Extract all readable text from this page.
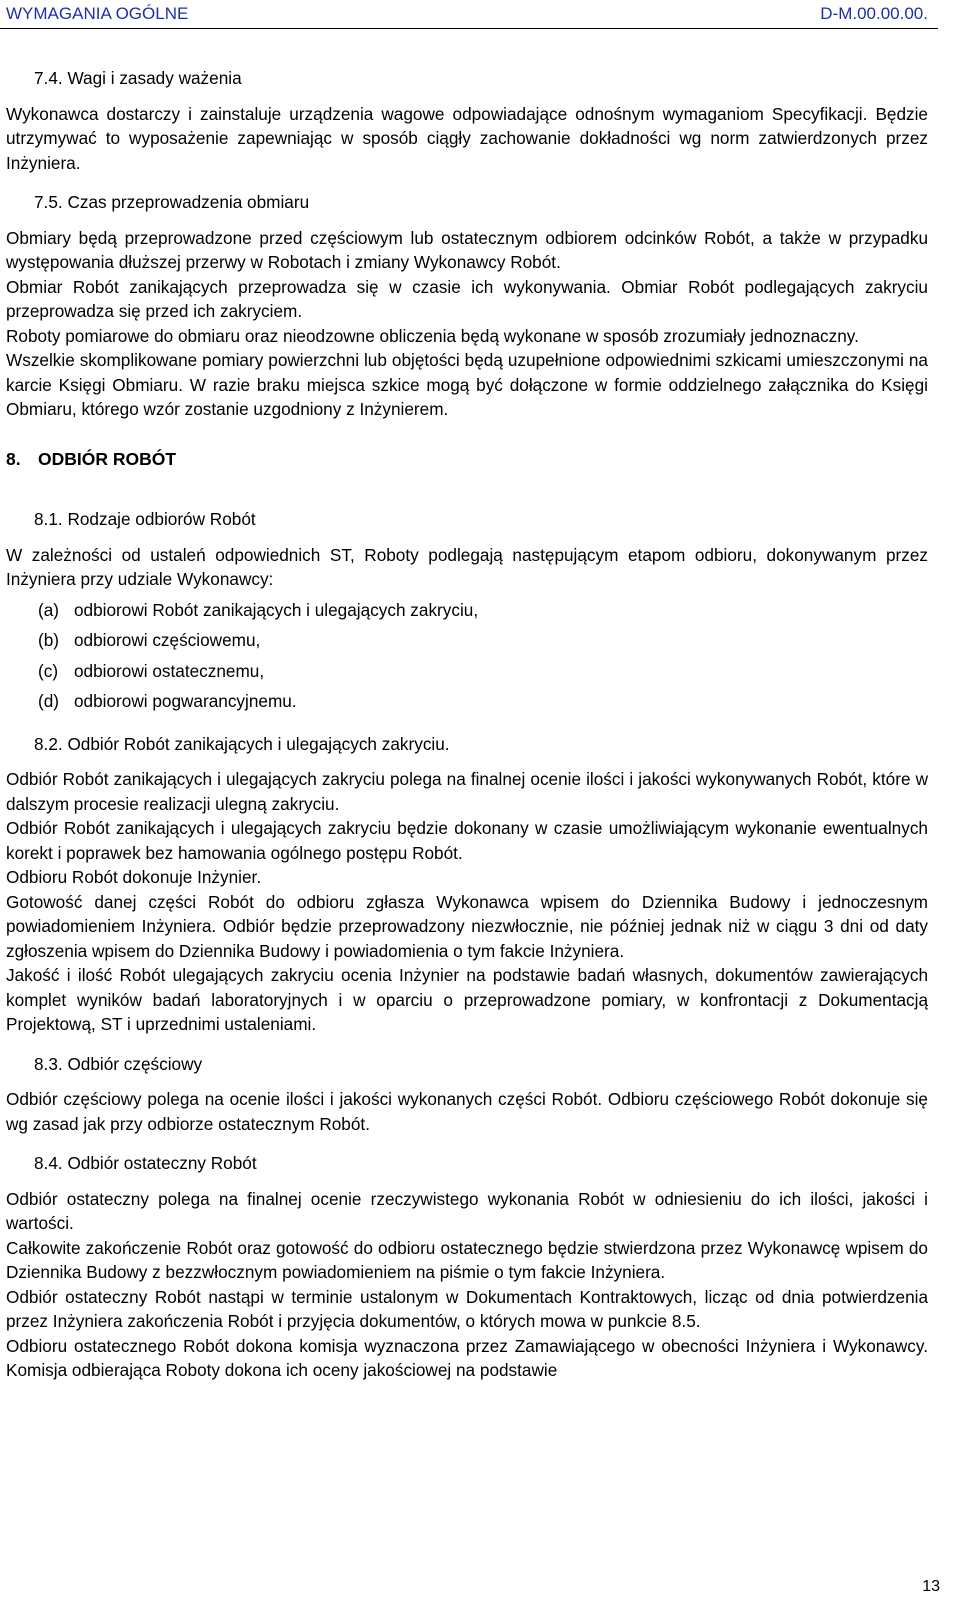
WYMAGANIA OGÓLNE	D-M.00.00.00.

7.4. Wagi i zasady ważenia

Wykonawca dostarczy i zainstaluje urządzenia wagowe odpowiadające odnośnym wymaganiom Specyfikacji. Będzie utrzymywać to wyposażenie zapewniając w sposób ciągły zachowanie dokładności wg norm zatwierdzonych przez Inżyniera.

7.5. Czas przeprowadzenia obmiaru

Obmiary będą przeprowadzone przed częściowym lub ostatecznym odbiorem odcinków Robót, a także w przypadku występowania dłuższej przerwy w Robotach i zmiany Wykonawcy Robót.

Obmiar Robót zanikających przeprowadza się w czasie ich wykonywania. Obmiar Robót podlegających zakryciu przeprowadza się przed ich zakryciem.

Roboty pomiarowe do obmiaru oraz nieodzowne obliczenia będą wykonane w sposób zrozumiały jednoznaczny.

Wszelkie skomplikowane pomiary powierzchni lub objętości będą uzupełnione odpowiednimi szkicami umieszczonymi na karcie Księgi Obmiaru. W razie braku miejsca szkice mogą być dołączone w formie oddzielnego załącznika do Księgi Obmiaru, którego wzór zostanie uzgodniony z Inżynierem.

8. ODBIÓR ROBÓT

8.1. Rodzaje odbiorów Robót

W zależności od ustaleń odpowiednich ST, Roboty podlegają następującym etapom odbioru, dokonywanym przez Inżyniera przy udziale Wykonawcy:

(a) odbiorowi Robót zanikających i ulegających zakryciu,

(b) odbiorowi częściowemu,

(c) odbiorowi ostatecznemu,

(d) odbiorowi pogwarancyjnemu.

8.2. Odbiór Robót zanikających i ulegających zakryciu.

Odbiór Robót zanikających i ulegających zakryciu polega na finalnej ocenie ilości i jakości wykonywanych Robót, które w dalszym procesie realizacji ulegną zakryciu.

Odbiór Robót zanikających i ulegających zakryciu będzie dokonany w czasie umożliwiającym wykonanie ewentualnych korekt i poprawek bez hamowania ogólnego postępu Robót.

Odbioru Robót dokonuje Inżynier.

Gotowość danej części Robót do odbioru zgłasza Wykonawca wpisem do Dziennika Budowy i jednoczesnym powiadomieniem Inżyniera. Odbiór będzie przeprowadzony niezwłocznie, nie później jednak niż w ciągu 3 dni od daty zgłoszenia wpisem do Dziennika Budowy i powiadomienia o tym fakcie Inżyniera.

Jakość i ilość Robót ulegających zakryciu ocenia Inżynier na podstawie badań własnych, dokumentów zawierających komplet wyników badań laboratoryjnych i w oparciu o przeprowadzone pomiary, w konfrontacji z Dokumentacją Projektową, ST i uprzednimi ustaleniami.

8.3. Odbiór częściowy

Odbiór częściowy polega na ocenie ilości i jakości wykonanych części Robót. Odbioru częściowego Robót dokonuje się wg zasad jak przy odbiorze ostatecznym Robót.

8.4. Odbiór ostateczny Robót

Odbiór ostateczny polega na finalnej ocenie rzeczywistego wykonania Robót w odniesieniu do ich ilości, jakości i wartości.

Całkowite zakończenie Robót oraz gotowość do odbioru ostatecznego będzie stwierdzona przez Wykonawcę wpisem do Dziennika Budowy z bezzwłocznym powiadomieniem na piśmie o tym fakcie Inżyniera.

Odbiór ostateczny Robót nastąpi w terminie ustalonym w Dokumentach Kontraktowych, licząc od dnia potwierdzenia przez Inżyniera zakończenia Robót i przyjęcia dokumentów, o których mowa w punkcie 8.5.

Odbioru ostatecznego Robót dokona komisja wyznaczona przez Zamawiającego w obecności Inżyniera i Wykonawcy. Komisja odbierająca Roboty dokona ich oceny jakościowej na podstawie

13
